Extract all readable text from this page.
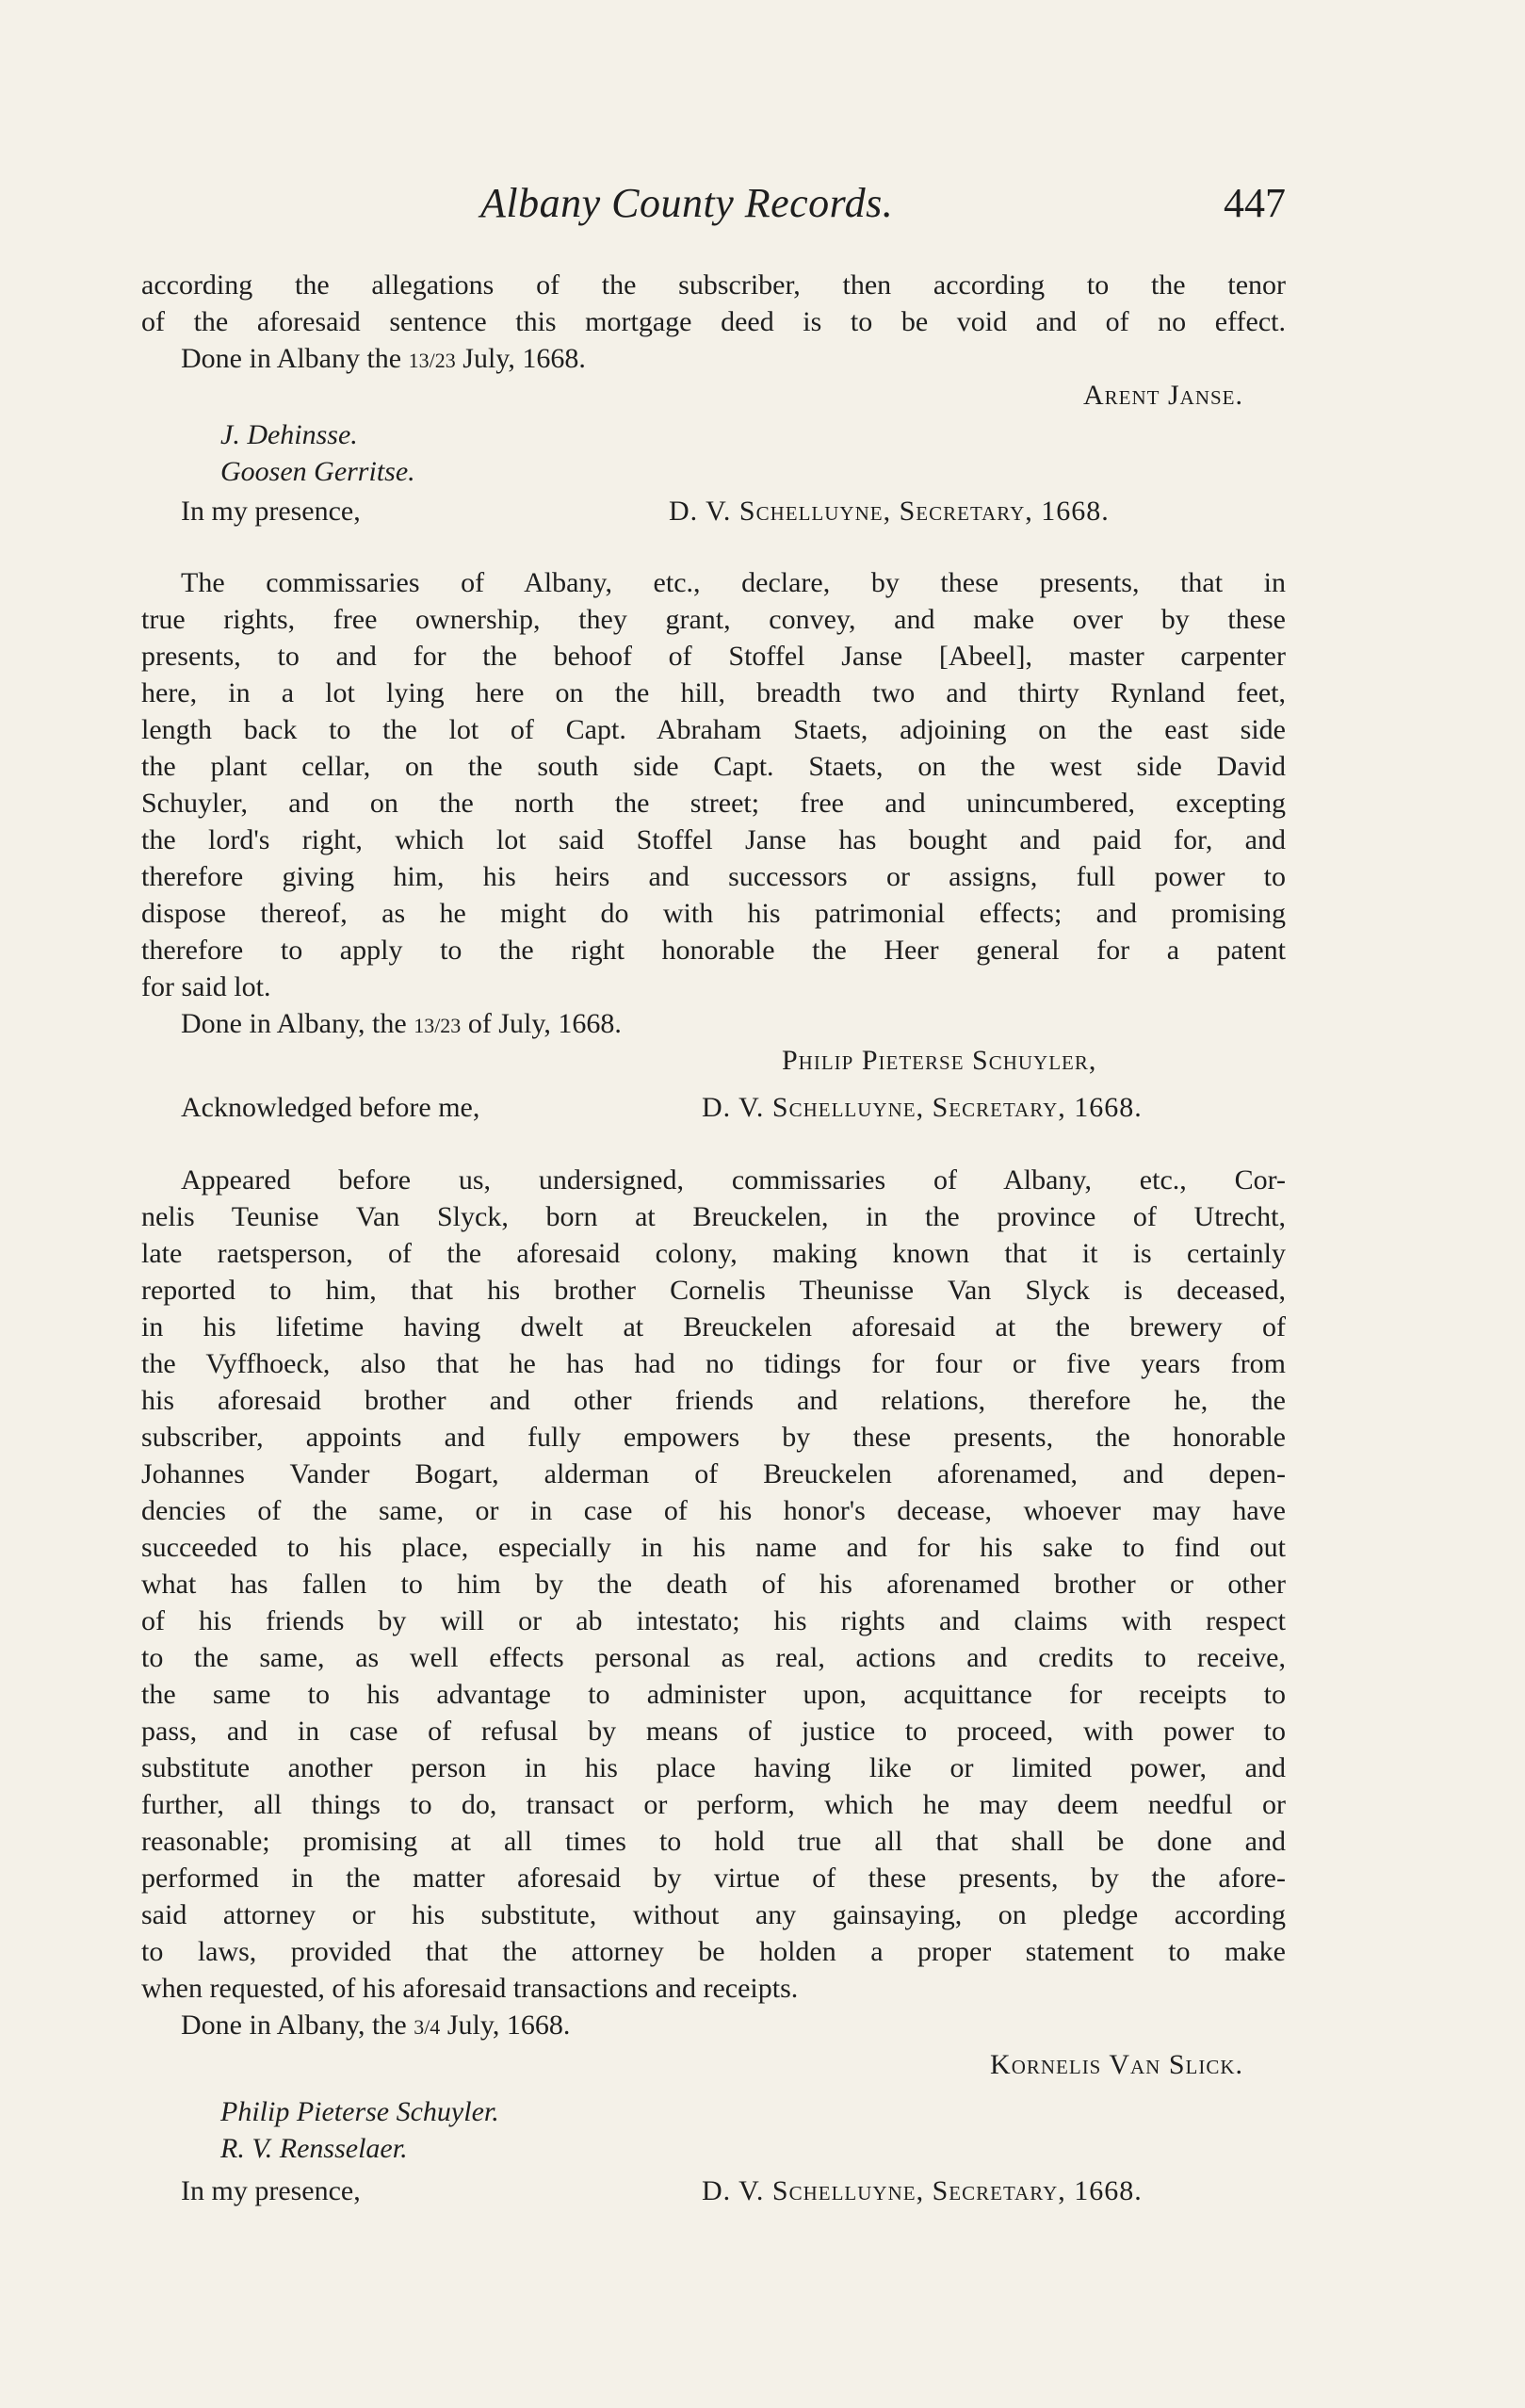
Albany County Records.	447
according the allegations of the subscriber, then according to the tenor
of the aforesaid sentence this mortgage deed is to be void and of no effect.
Done in Albany the 13/23 July, 1668.
Arent Janse.
J. Dehinsse.
Goosen Gerritse.
In my presence,	D. V. Schelluyne, Secretary, 1668.
The commissaries of Albany, etc., declare, by these presents, that in
true rights, free ownership, they grant, convey, and make over by these
presents, to and for the behoof of Stoffel Janse [Abeel], master carpenter
here, in a lot lying here on the hill, breadth two and thirty Rynland feet,
length back to the lot of Capt. Abraham Staets, adjoining on the east side
the plant cellar, on the south side Capt. Staets, on the west side David
Schuyler, and on the north the street; free and unincumbered, excepting
the lord's right, which lot said Stoffel Janse has bought and paid for, and
therefore giving him, his heirs and successors or assigns, full power to
dispose thereof, as he might do with his patrimonial effects; and promising
therefore to apply to the right honorable the Heer general for a patent
for said lot.
Done in Albany, the 13/23 of July, 1668.
Philip Pieterse Schuyler,
Acknowledged before me,	D. V. Schelluyne, Secretary, 1668.
Appeared before us, undersigned, commissaries of Albany, etc., Cor-
nelis Teunise Van Slyck, born at Breuckelen, in the province of Utrecht,
late raetsperson, of the aforesaid colony, making known that it is certainly
reported to him, that his brother Cornelis Theunisse Van Slyck is deceased,
in his lifetime having dwelt at Breuckelen aforesaid at the brewery of
the Vyffhoeck, also that he has had no tidings for four or five years from
his aforesaid brother and other friends and relations, therefore he, the
subscriber, appoints and fully empowers by these presents, the honorable
Johannes Vander Bogart, alderman of Breuckelen aforenamed, and depen-
dencies of the same, or in case of his honor's decease, whoever may have
succeeded to his place, especially in his name and for his sake to find out
what has fallen to him by the death of his aforenamed brother or other
of his friends by will or ab intestato; his rights and claims with respect
to the same, as well effects personal as real, actions and credits to receive,
the same to his advantage to administer upon, acquittance for receipts to
pass, and in case of refusal by means of justice to proceed, with power to
substitute another person in his place having like or limited power, and
further, all things to do, transact or perform, which he may deem needful or
reasonable; promising at all times to hold true all that shall be done and
performed in the matter aforesaid by virtue of these presents, by the afore-
said attorney or his substitute, without any gainsaying, on pledge according
to laws, provided that the attorney be holden a proper statement to make
when requested, of his aforesaid transactions and receipts.
Done in Albany, the 3/4 July, 1668.
Kornelis Van Slick.
Philip Pieterse Schuyler.
R. V. Rensselaer.
In my presence,	D. V. Schelluyne, Secretary, 1668.
